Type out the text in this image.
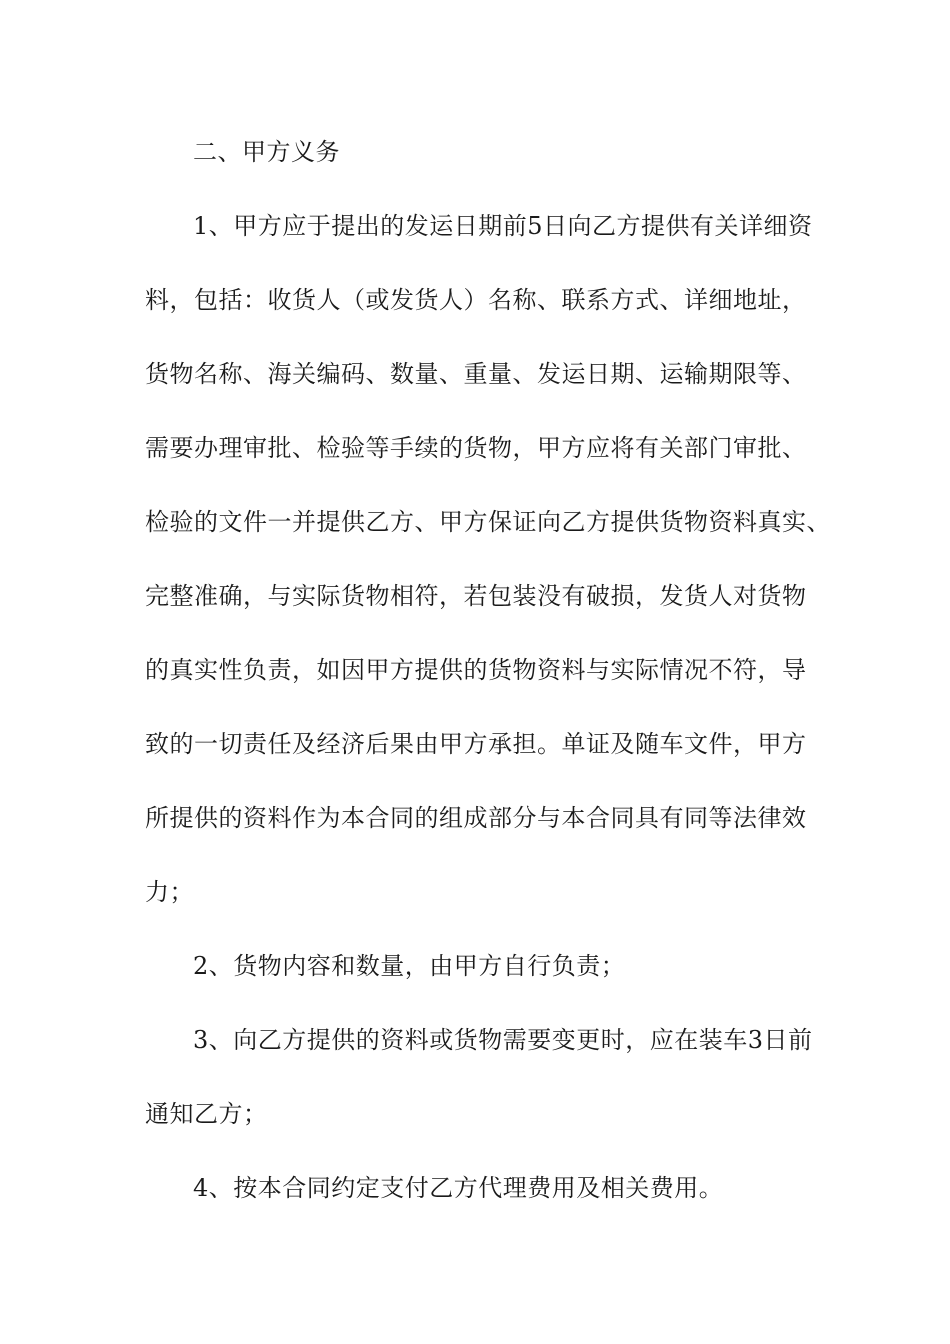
二、甲方义务
1、甲方应于提出的发运日期前5日向乙方提供有关详细资
料，包括：收货人（或发货人）名称、联系方式、详细地址，
货物名称、海关编码、数量、重量、发运日期、运输期限等、
需要办理审批、检验等手续的货物，甲方应将有关部门审批、
检验的文件一并提供乙方、甲方保证向乙方提供货物资料真实、
完整准确，与实际货物相符，若包装没有破损，发货人对货物
的真实性负责，如因甲方提供的货物资料与实际情况不符，导
致的一切责任及经济后果由甲方承担。单证及随车文件，甲方
所提供的资料作为本合同的组成部分与本合同具有同等法律效
力；
2、货物内容和数量，由甲方自行负责；
3、向乙方提供的资料或货物需要变更时，应在装车3日前
通知乙方；
4、按本合同约定支付乙方代理费用及相关费用。
